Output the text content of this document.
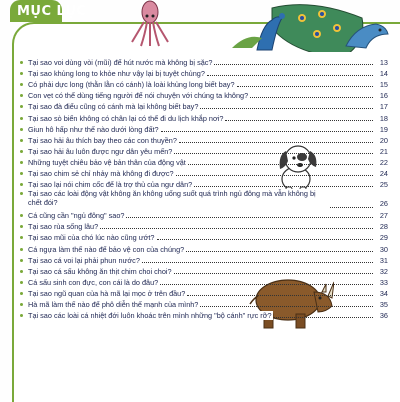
MỤC LỤC
Tại sao voi dùng vòi (mũi) để hút nước mà không bị sặc?	13
Tại sao khủng long to khỏe như vậy lại bị tuyệt chủng?	14
Có phải dực long (thằn lằn có cánh) là loài khủng long biết bay?	15
Con vẹt có thể dùng tiếng người để nói chuyện với chúng ta không?	16
Tại sao đà điểu cũng có cánh mà lại không biết bay?	17
Tại sao sò biển không có chân lại có thể đi du lịch khắp nơi?	18
Giun hô hấp như thế nào dưới lòng đất?	19
Tại sao hải âu thích bay theo các con thuyền?	20
Tại sao hải âu luôn được ngư dân yêu mến?	21
Những tuyệt chiêu bảo vệ bản thân của động vật	22
Tại sao chim sẻ chỉ nhảy mà không đi được?	24
Tại sao lại nói chim cốc để là trợ thủ của ngư dân?	25
Tại sao các loài động vật không ăn không uống suốt quá trình ngủ đông mà vẫn không bị chết đói?	26
Cá cũng cần "ngủ đông" sao?	27
Tại sao rùa sống lâu?	28
Tại sao mũi của chó lúc nào cũng ướt?	29
Cá ngựa làm thế nào để bảo vệ con của chúng?	30
Tại sao cá voi lại phải phun nước?	31
Tại sao cá sấu không ăn thịt chim choi choi?	32
Cá sấu sinh con đực, con cái là do đâu?	33
Tại sao ngũ quan của hà mã lại mọc ở trên đầu?	34
Hà mã làm thế nào để phô diễn thế mạnh của mình?	35
Tại sao các loài cá nhiệt đới luôn khoác trên mình những "bộ cánh" rực rỡ?	36
